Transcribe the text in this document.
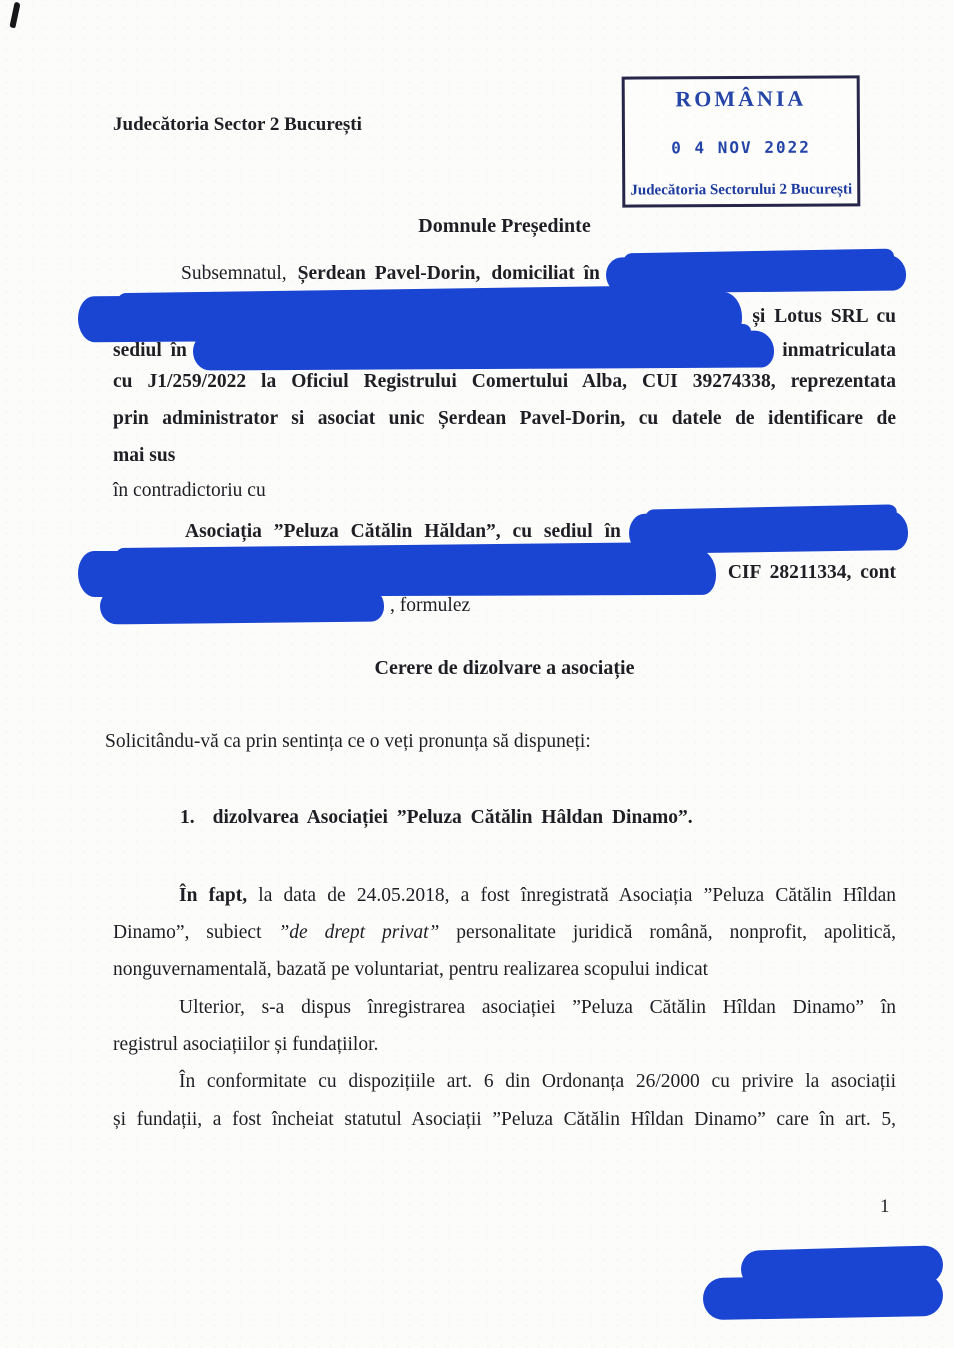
Judecătoria Sector 2 București
ROMÂNIA
0 4 NOV 2022
Judecătoria Sectorului 2 București
Domnule Președinte
Subsemnatul, Șerdean Pavel-Dorin, domiciliat în
și Lotus SRL cu
sediul în	inmatriculata
cu J1/259/2022 la Oficiul Registrului Comertului Alba, CUI 39274338, reprezentata
prin administrator si asociat unic Șerdean Pavel-Dorin, cu datele de identificare de
mai sus
în contradictoriu cu
Asociația ”Peluza Cătălin Hăldan”, cu sediul în
CIF 28211334, cont
, formulez
Cerere de dizolvare a asociație
Solicitându-vă ca prin sentința ce o veți pronunța să dispuneți:
1. dizolvarea Asociației ”Peluza Cătălin Hâldan Dinamo”.
În fapt, la data de 24.05.2018, a fost înregistrată Asociația ”Peluza Cătălin Hîldan
Dinamo”, subiect ”de drept privat” personalitate juridică română, nonprofit, apolitică,
nonguvernamentală, bazată pe voluntariat, pentru realizarea scopului indicat
Ulterior, s-a dispus înregistrarea asociației ”Peluza Cătălin Hîldan Dinamo” în
registrul asociațiilor și fundațiilor.
În conformitate cu dispozițiile art. 6 din Ordonanța 26/2000 cu privire la asociații
și fundații, a fost încheiat statutul Asociații ”Peluza Cătălin Hîldan Dinamo” care în art. 5,
1
